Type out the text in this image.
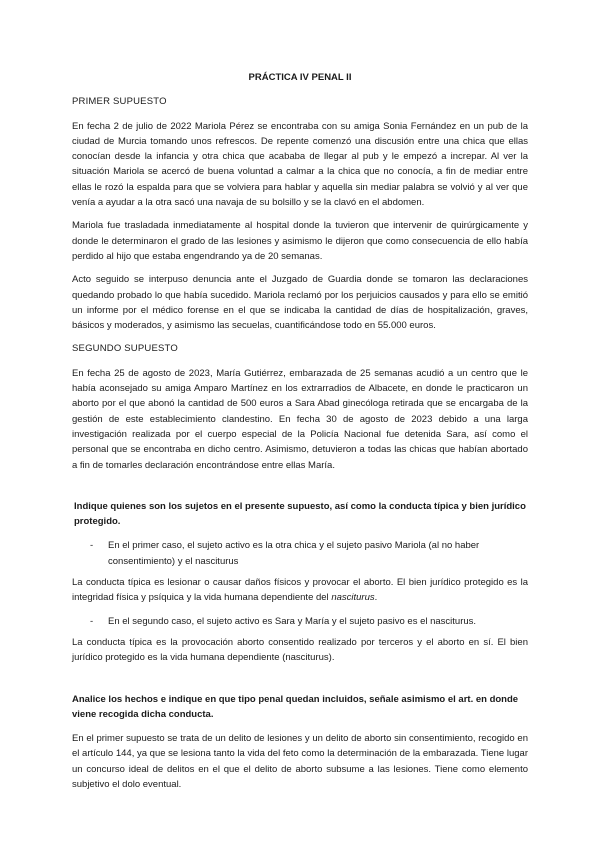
PRÁCTICA IV PENAL II
PRIMER SUPUESTO
En fecha 2 de julio de 2022 Mariola Pérez se encontraba con su amiga Sonia Fernández en un pub de la ciudad de Murcia tomando unos refrescos. De repente comenzó una discusión entre una chica que ellas conocían desde la infancia y otra chica que acababa de llegar al pub y le empezó a increpar. Al ver la situación Mariola se acercó de buena voluntad a calmar a la chica que no conocía, a fin de mediar entre ellas le rozó la espalda para que se volviera para hablar y aquella sin mediar palabra se volvió y al ver que venía a ayudar a la otra sacó una navaja de su bolsillo y se la clavó en el abdomen.
Mariola fue trasladada inmediatamente al hospital donde la tuvieron que intervenir de quirúrgicamente y donde le determinaron el grado de las lesiones y asimismo le dijeron que como consecuencia de ello había perdido al hijo que estaba engendrando ya de 20 semanas.
Acto seguido se interpuso denuncia ante el Juzgado de Guardia donde se tomaron las declaraciones quedando probado lo que había sucedido. Mariola reclamó por los perjuicios causados y para ello se emitió un informe por el médico forense en el que se indicaba la cantidad de días de hospitalización, graves, básicos y moderados, y asimismo las secuelas, cuantificándose todo en 55.000 euros.
SEGUNDO SUPUESTO
En fecha 25 de agosto de 2023, María Gutiérrez, embarazada de 25 semanas acudió a un centro que le había aconsejado su amiga Amparo Martínez en los extrarradios de Albacete, en donde le practicaron un aborto por el que abonó la cantidad de 500 euros a Sara Abad ginecóloga retirada que se encargaba de la gestión de este establecimiento clandestino. En fecha 30 de agosto de 2023 debido a una larga investigación realizada por el cuerpo especial de la Policía Nacional fue detenida Sara, así como el personal que se encontraba en dicho centro. Asimismo, detuvieron a todas las chicas que habían abortado a fin de tomarles declaración encontrándose entre ellas María.
Indique quienes son los sujetos en el presente supuesto, así como la conducta típica y bien jurídico protegido.
-	En el primer caso, el sujeto activo es la otra chica y el sujeto pasivo Mariola (al no haber consentimiento) y el nasciturus
La conducta típica es lesionar o causar daños físicos y provocar el aborto. El bien jurídico protegido es la integridad física y psíquica y la vida humana dependiente del nasciturus.
-	En el segundo caso, el sujeto activo es Sara y María y el sujeto pasivo es el nasciturus.
La conducta típica es la provocación aborto consentido realizado por terceros y el aborto en sí. El bien jurídico protegido es la vida humana dependiente (nasciturus).
Analice los hechos e indique en que tipo penal quedan incluidos, señale asimismo el art. en donde viene recogida dicha conducta.
En el primer supuesto se trata de un delito de lesiones y un delito de aborto sin consentimiento, recogido en el artículo 144, ya que se lesiona tanto la vida del feto como la determinación de la embarazada. Tiene lugar un concurso ideal de delitos en el que el delito de aborto subsume a las lesiones. Tiene como elemento subjetivo el dolo eventual.
